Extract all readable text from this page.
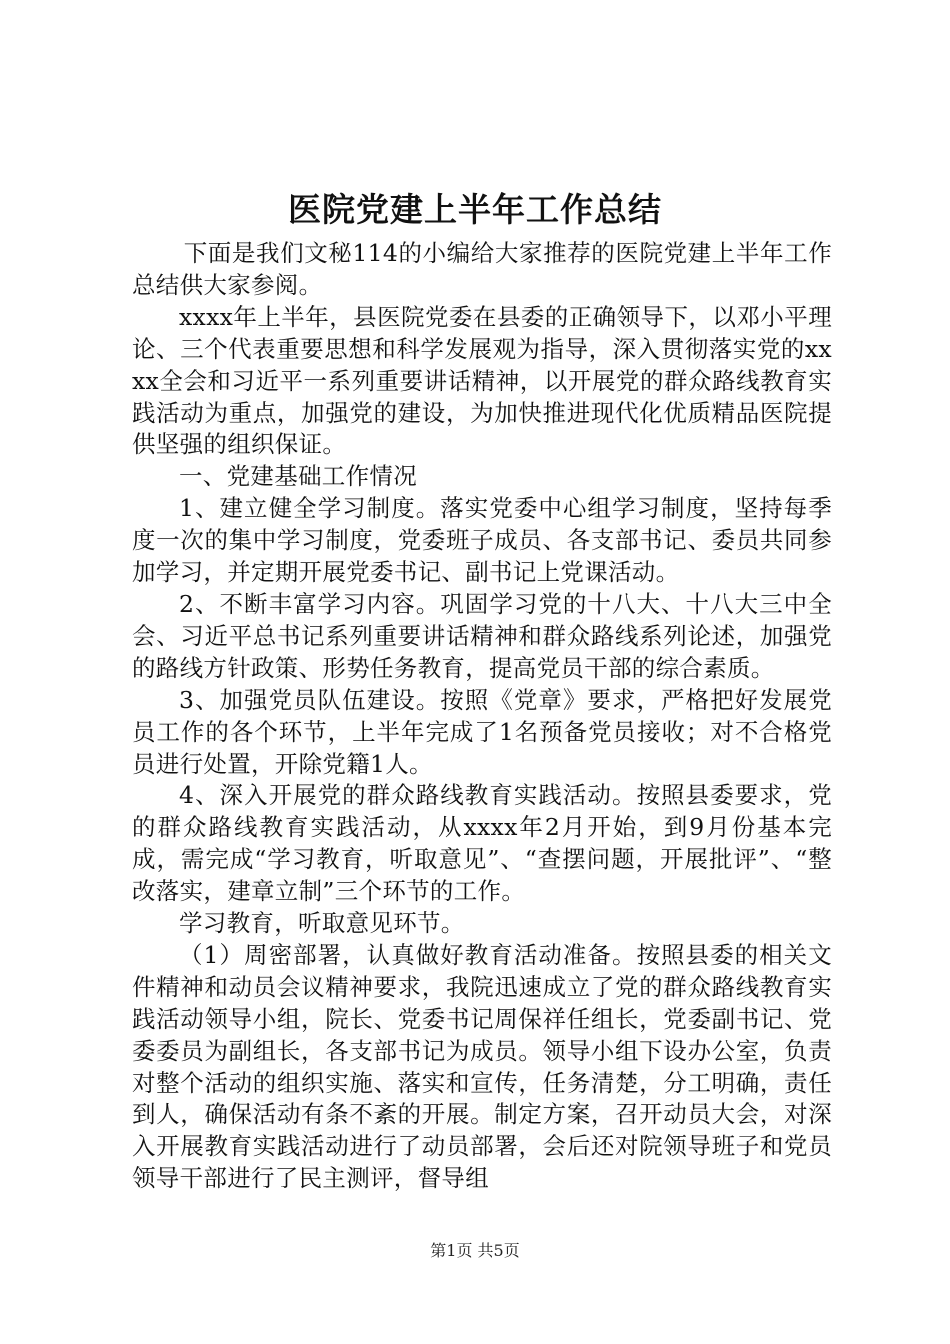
医院党建上半年工作总结

下面是我们文秘114的小编给大家推荐的医院党建上半年工作总结供大家参阅。

xxxx年上半年，县医院党委在县委的正确领导下，以邓小平理论、三个代表重要思想和科学发展观为指导，深入贯彻落实党的xxxx全会和习近平一系列重要讲话精神，以开展党的群众路线教育实践活动为重点，加强党的建设，为加快推进现代化优质精品医院提供坚强的组织保证。

一、党建基础工作情况

1、建立健全学习制度。落实党委中心组学习制度，坚持每季度一次的集中学习制度，党委班子成员、各支部书记、委员共同参加学习，并定期开展党委书记、副书记上党课活动。

2、不断丰富学习内容。巩固学习党的十八大、十八大三中全会、习近平总书记系列重要讲话精神和群众路线系列论述，加强党的路线方针政策、形势任务教育，提高党员干部的综合素质。

3、加强党员队伍建设。按照《党章》要求，严格把好发展党员工作的各个环节，上半年完成了1名预备党员接收；对不合格党员进行处置，开除党籍1人。

4、深入开展党的群众路线教育实践活动。按照县委要求，党的群众路线教育实践活动，从xxxx年2月开始，到9月份基本完成，需完成“学习教育，听取意见”、“查摆问题，开展批评”、“整改落实，建章立制”三个环节的工作。

学习教育，听取意见环节。

（1）周密部署，认真做好教育活动准备。按照县委的相关文件精神和动员会议精神要求，我院迅速成立了党的群众路线教育实践活动领导小组，院长、党委书记周保祥任组长，党委副书记、党委委员为副组长，各支部书记为成员。领导小组下设办公室，负责对整个活动的组织实施、落实和宣传，任务清楚，分工明确，责任到人，确保活动有条不紊的开展。制定方案，召开动员大会，对深入开展教育实践活动进行了动员部署，会后还对院领导班子和党员领导干部进行了民主测评，督导组

第1页 共5页
